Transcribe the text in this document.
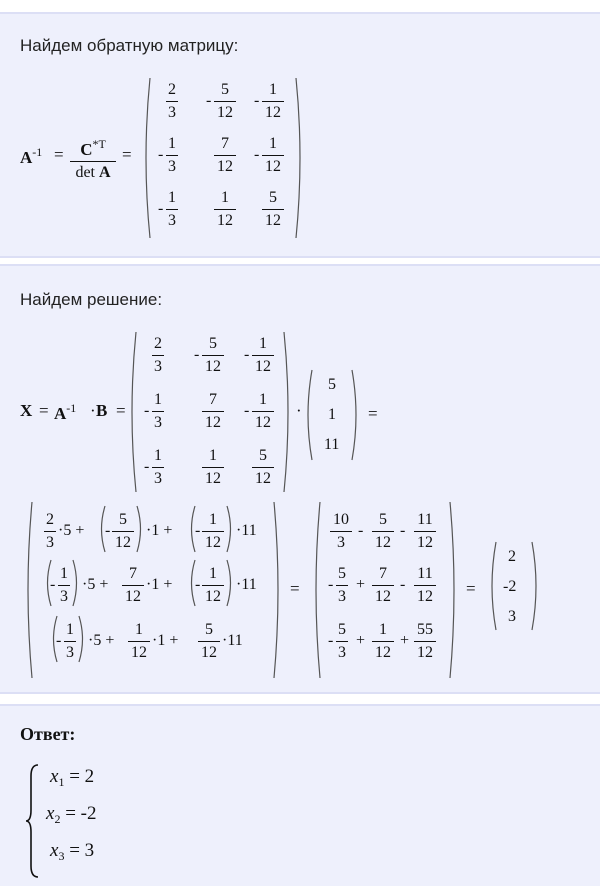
Найдем обратную матрицу:
$A^{-1} = C^{*T}$
det A
=
2
3
-
5
12
-
1
12
-
1
3
7
12
-
1
12
-
1
3
1
12
5
12
Найдем решение:
$X = A^{-1} \cdot B$ =
2
3
-
5
12
-
1
12
-
1
3
7
12
-
1
12
-
1
3
1
12
5
12
·
5
1
11
=
2
3
·5 + -
5
12
·1 + -
1
12
·11
-
1
3
·5 +
7
12
·1 + -
1
12
·11
-
1
3
·5 +
1
12
·1 +
5
12
·11
=
10
3
-
5
12
-
11
12
-
5
3
+
7
12
-
11
12
-
5
3
+
1
12
+
55
12
=
2
-2
3
Ответ:
$x_1 = 2$
$x_2 = -2$
$x_3 = 3$
